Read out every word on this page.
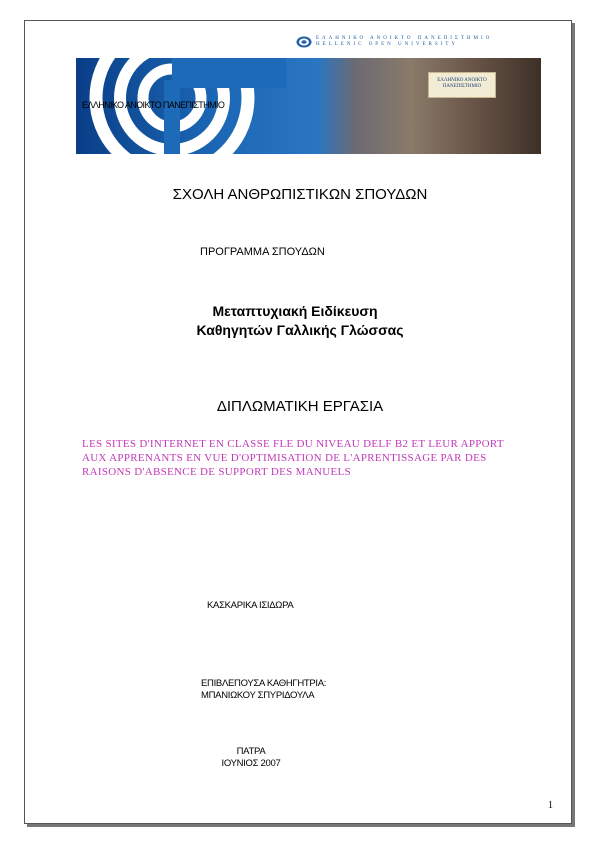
ΕΛΛΗΝΙΚΟ ΑΝΟΙΚΤΟ ΠΑΝΕΠΙΣΤΗΜΙΟ
HELLENIC OPEN UNIVERSITY
ΕΛΛΗΝΙΚΟ ΑΝΟΙΚΤΟ ΠΑΝΕΠΙΣΤΗΜΙΟ
ΕΛΛΗΝΙΚΟ ΑΝΟΙΚΤΟ
ΠΑΝΕΠΙΣΤΗΜΙΟ
ΣΧΟΛΗ ΑΝΘΡΩΠΙΣΤΙΚΩΝ ΣΠΟΥΔΩΝ
ΠΡΟΓΡΑΜΜΑ ΣΠΟΥΔΩΝ
Μεταπτυχιακή Ειδίκευση
Καθηγητών Γαλλικής Γλώσσας
ΔΙΠΛΩΜΑΤΙΚΗ ΕΡΓΑΣΙΑ
LES SITES D'INTERNET EN CLASSE FLE DU NIVEAU DELF B2 ET LEUR APPORT AUX APPRENANTS EN VUE D'OPTIMISATION DE L'APRENTISSAGE PAR DES RAISONS D'ABSENCE DE SUPPORT DES MANUELS
ΚΑΣΚΑΡΙΚΑ ΙΣΙΔΩΡΑ
ΕΠΙΒΛΕΠΟΥΣΑ ΚΑΘΗΓΗΤΡΙΑ:
ΜΠΑΝΙΩΚΟΥ ΣΠΥΡΙΔΟΥΛΑ
ΠΑΤΡΑ
ΙΟΥΝΙΟΣ 2007
1
